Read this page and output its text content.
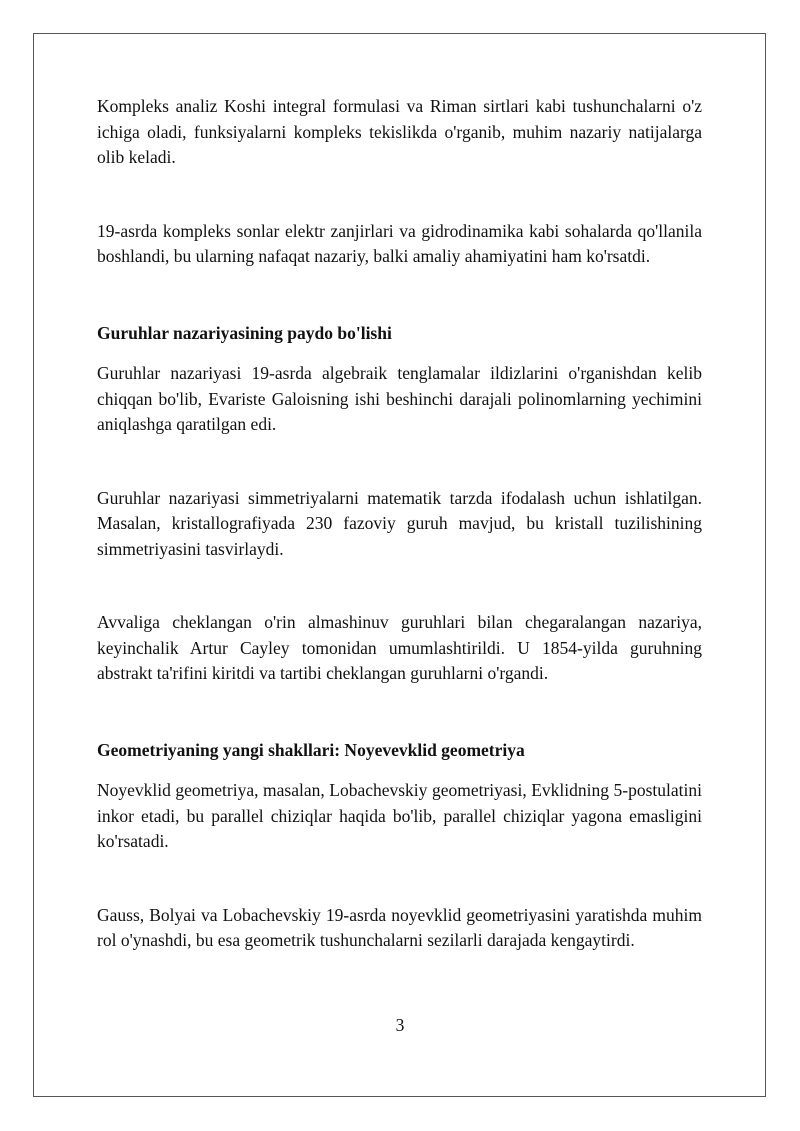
Kompleks analiz Koshi integral formulasi va Riman sirtlari kabi tushunchalarni o'z ichiga oladi, funksiyalarni kompleks tekislikda o'rganib, muhim nazariy natijalarga olib keladi.

19-asrda kompleks sonlar elektr zanjirlari va gidrodinamika kabi sohalarda qo'llanila boshlandi, bu ularning nafaqat nazariy, balki amaliy ahamiyatini ham ko'rsatdi.

Guruhlar nazariyasining paydo bo'lishi

Guruhlar nazariyasi 19-asrda algebraik tenglamalar ildizlarini o'rganishdan kelib chiqqan bo'lib, Evariste Galoisning ishi beshinchi darajali polinomlarning yechimini aniqlashga qaratilgan edi.

Guruhlar nazariyasi simmetriyalarni matematik tarzda ifodalash uchun ishlatilgan. Masalan, kristallografiyada 230 fazoviy guruh mavjud, bu kristall tuzilishining simmetriyasini tasvirlaydi.

Avvaliga cheklangan o'rin almashinuv guruhlari bilan chegaralangan nazariya, keyinchalik Artur Cayley tomonidan umumlashtirildi. U 1854-yilda guruhning abstrakt ta'rifini kiritdi va tartibi cheklangan guruhlarni o'rgandi.

Geometriyaning yangi shakllari: Noyevevklid geometriya

Noyevklid geometriya, masalan, Lobachevskiy geometriyasi, Evklidning 5-postulatini inkor etadi, bu parallel chiziqlar haqida bo'lib, parallel chiziqlar yagona emasligini ko'rsatadi.

Gauss, Bolyai va Lobachevskiy 19-asrda noyevklid geometriyasini yaratishda muhim rol o'ynashdi, bu esa geometrik tushunchalarni sezilarli darajada kengaytirdi.

3
